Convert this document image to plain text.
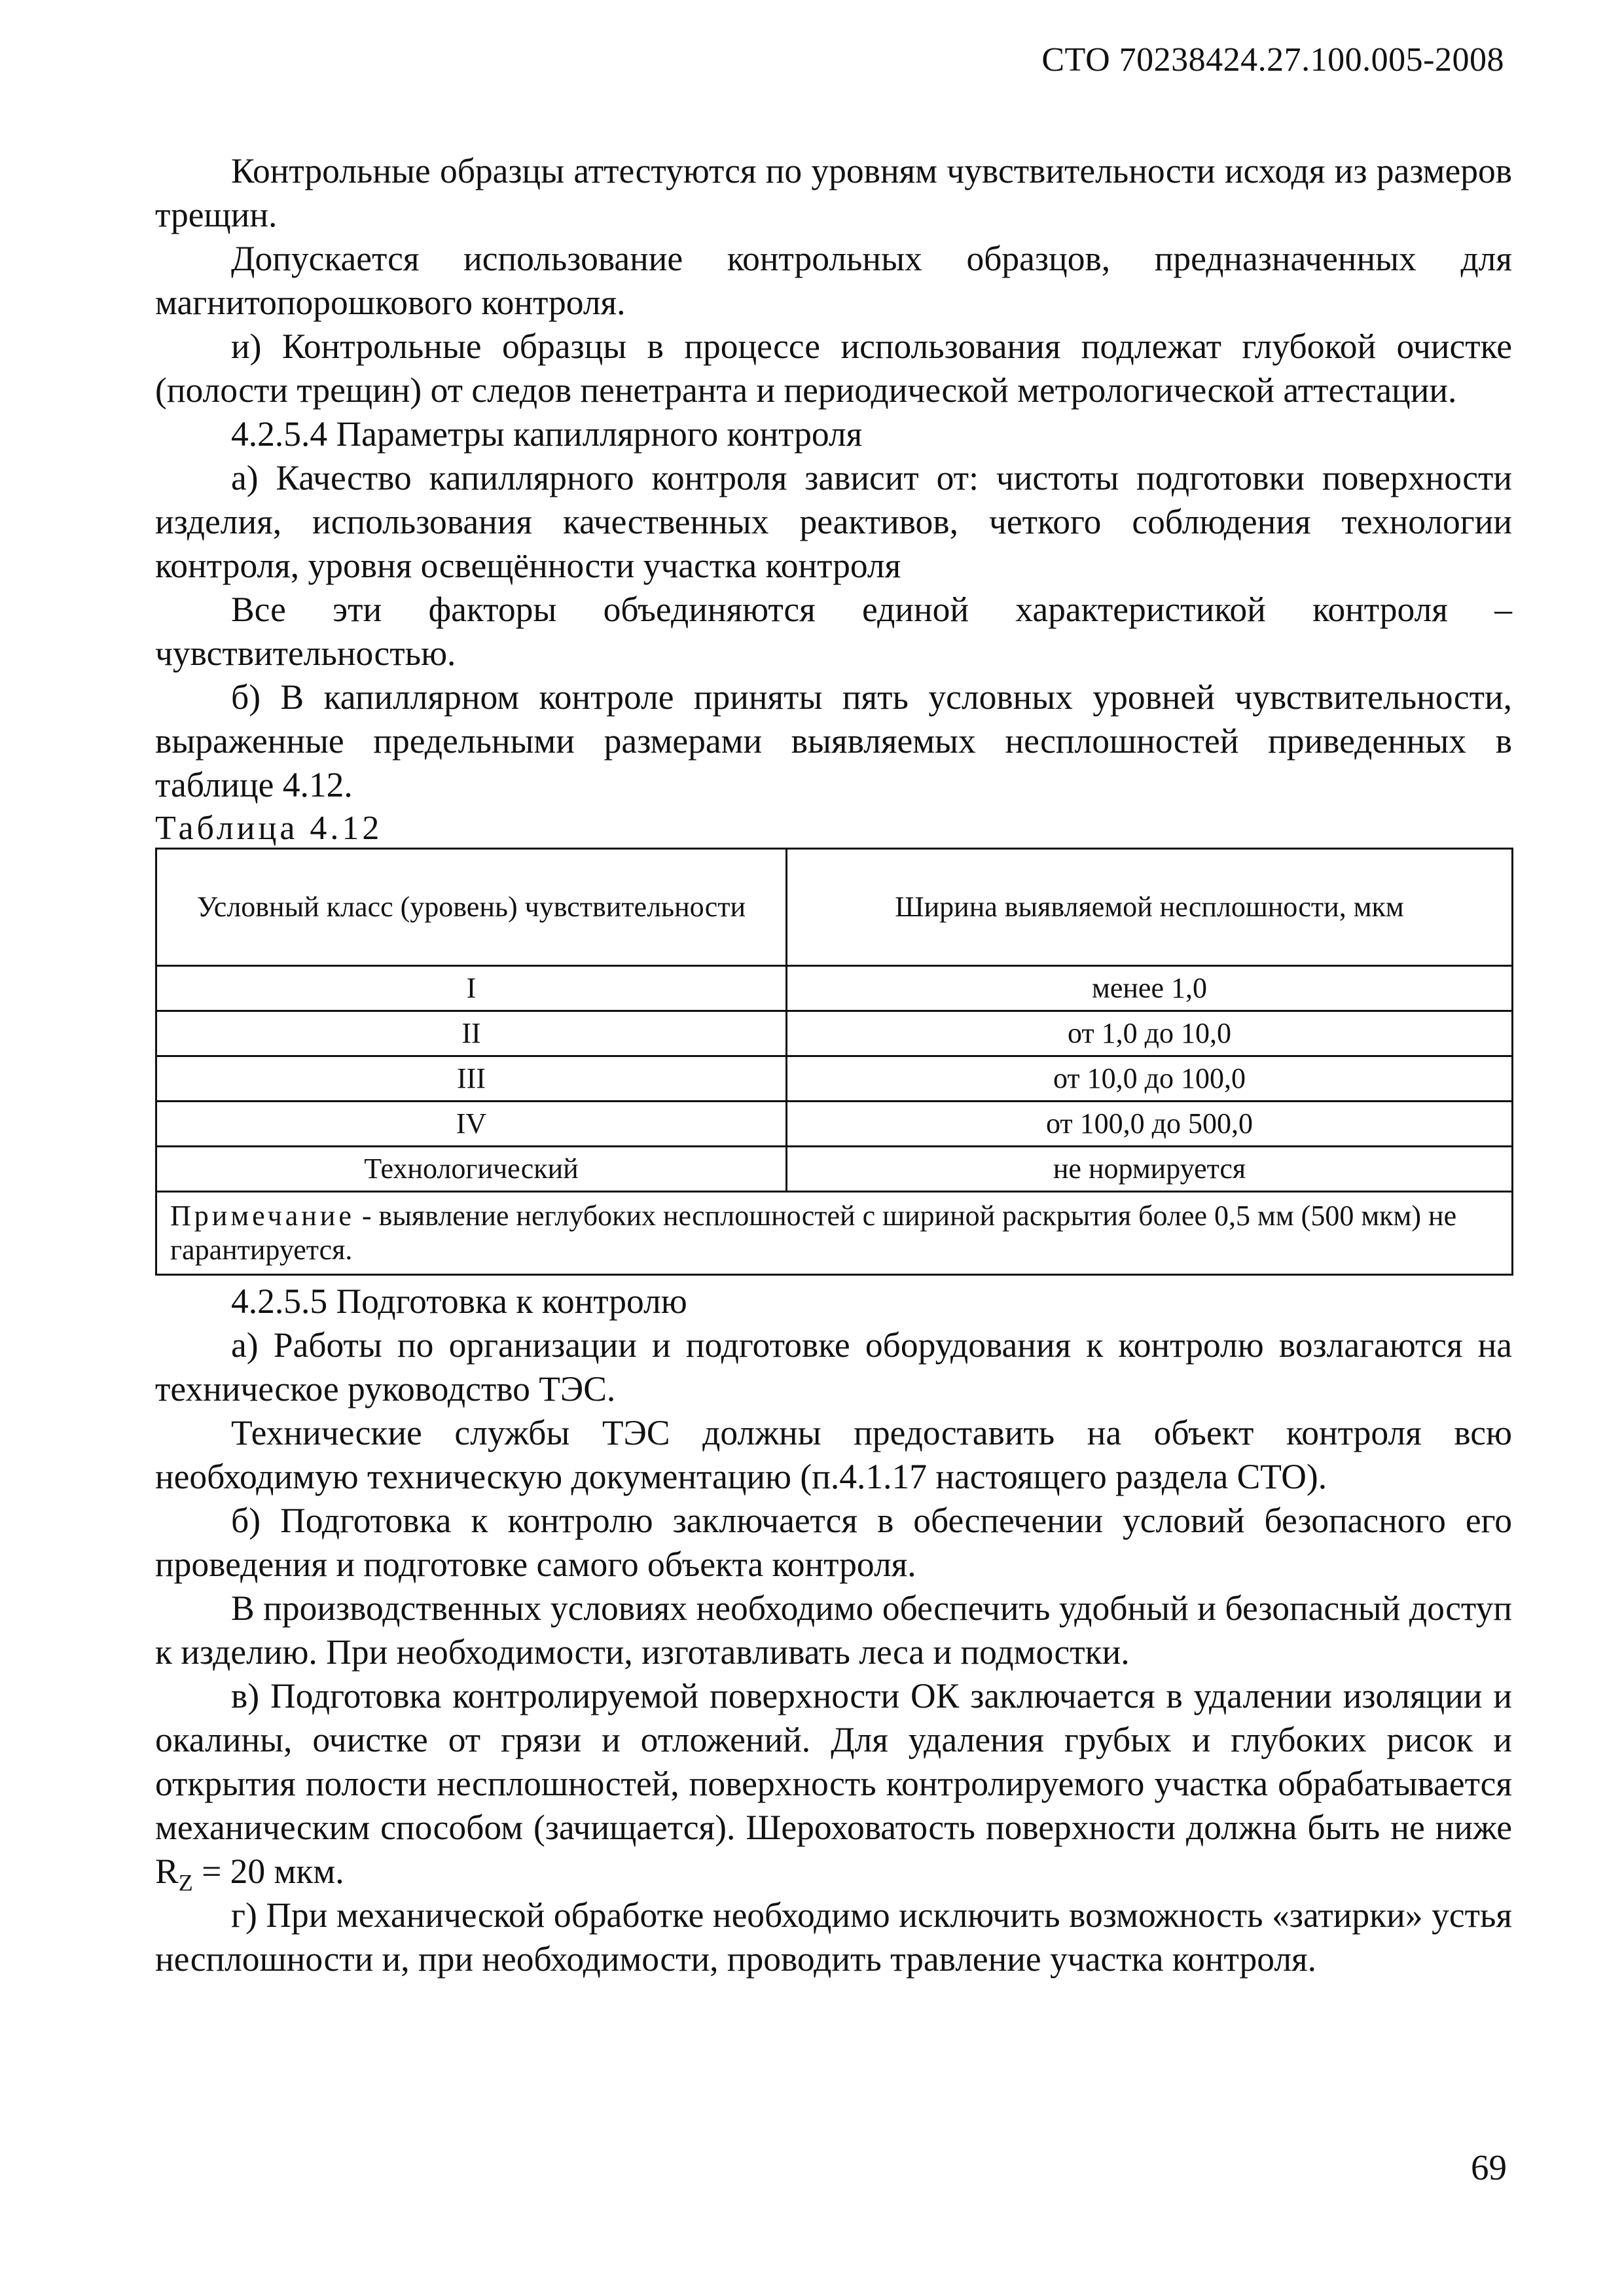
СТО 70238424.27.100.005-2008

Контрольные образцы аттестуются по уровням чувствительности исходя из размеров трещин.

Допускается использование контрольных образцов, предназначенных для магнитопорошкового контроля.

и) Контрольные образцы в процессе использования подлежат глубокой очистке (полости трещин) от следов пенетранта и периодической метрологической аттестации.

4.2.5.4 Параметры капиллярного контроля

а) Качество капиллярного контроля зависит от: чистоты подготовки поверхности изделия, использования качественных реактивов, четкого соблюдения технологии контроля, уровня освещённости участка контроля

Все эти факторы объединяются единой характеристикой контроля – чувствительностью.

б) В капиллярном контроле приняты пять условных уровней чувствительности, выраженные предельными размерами выявляемых несплошностей приведенных в таблице 4.12.

Таблица 4.12
Условный класс (уровень) чувствительности	Ширина выявляемой несплошности, мкм
I	менее 1,0
II	от 1,0 до 10,0
III	от 10,0 до 100,0
IV	от 100,0 до 500,0
Технологический	не нормируется
Примечание - выявление неглубоких несплошностей с шириной раскрытия более 0,5 мм (500 мкм) не гарантируется.	

4.2.5.5 Подготовка к контролю

а) Работы по организации и подготовке оборудования к контролю возлагаются на техническое руководство ТЭС.

Технические службы ТЭС должны предоставить на объект контроля всю необходимую техническую документацию (п.4.1.17 настоящего раздела СТО).

б) Подготовка к контролю заключается в обеспечении условий безопасного его проведения и подготовке самого объекта контроля.

В производственных условиях необходимо обеспечить удобный и безопасный доступ к изделию. При необходимости, изготавливать леса и подмостки.

в) Подготовка контролируемой поверхности ОК заключается в удалении изоляции и окалины, очистке от грязи и отложений. Для удаления грубых и глубоких рисок и открытия полости несплошностей, поверхность контролируемого участка обрабатывается механическим способом (зачищается). Шероховатость поверхности должна быть не ниже $R_Z = 20$ мкм.

г) При механической обработке необходимо исключить возможность «затирки» устья несплошности и, при необходимости, проводить травление участка контроля.

69
